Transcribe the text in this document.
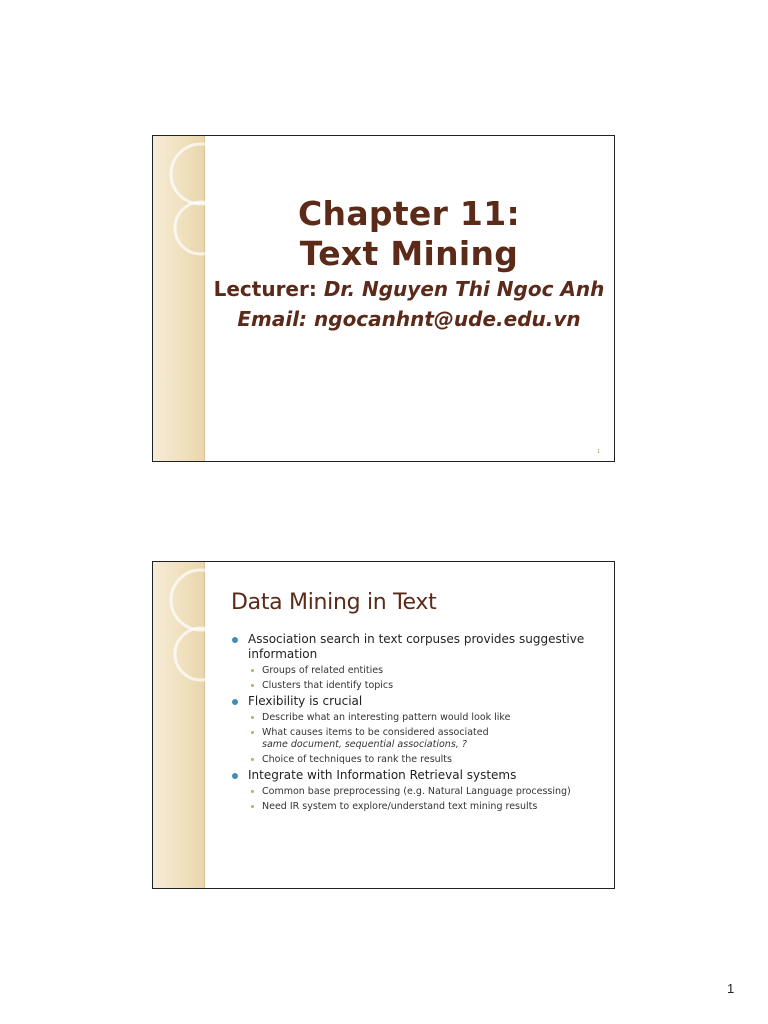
Chapter 11:
Text Mining
Lecturer: Dr. Nguyen Thi Ngoc Anh
Email: ngocanhnt@ude.edu.vn
1
Data Mining in Text
Association search in text corpuses provides suggestive information
Groups of related entities
Clusters that identify topics
Flexibility is crucial
Describe what an interesting pattern would look like
What causes items to be considered associated
same document, sequential associations, ?
Choice of techniques to rank the results
Integrate with Information Retrieval systems
Common base preprocessing (e.g. Natural Language processing)
Need IR system to explore/understand text mining results
1
